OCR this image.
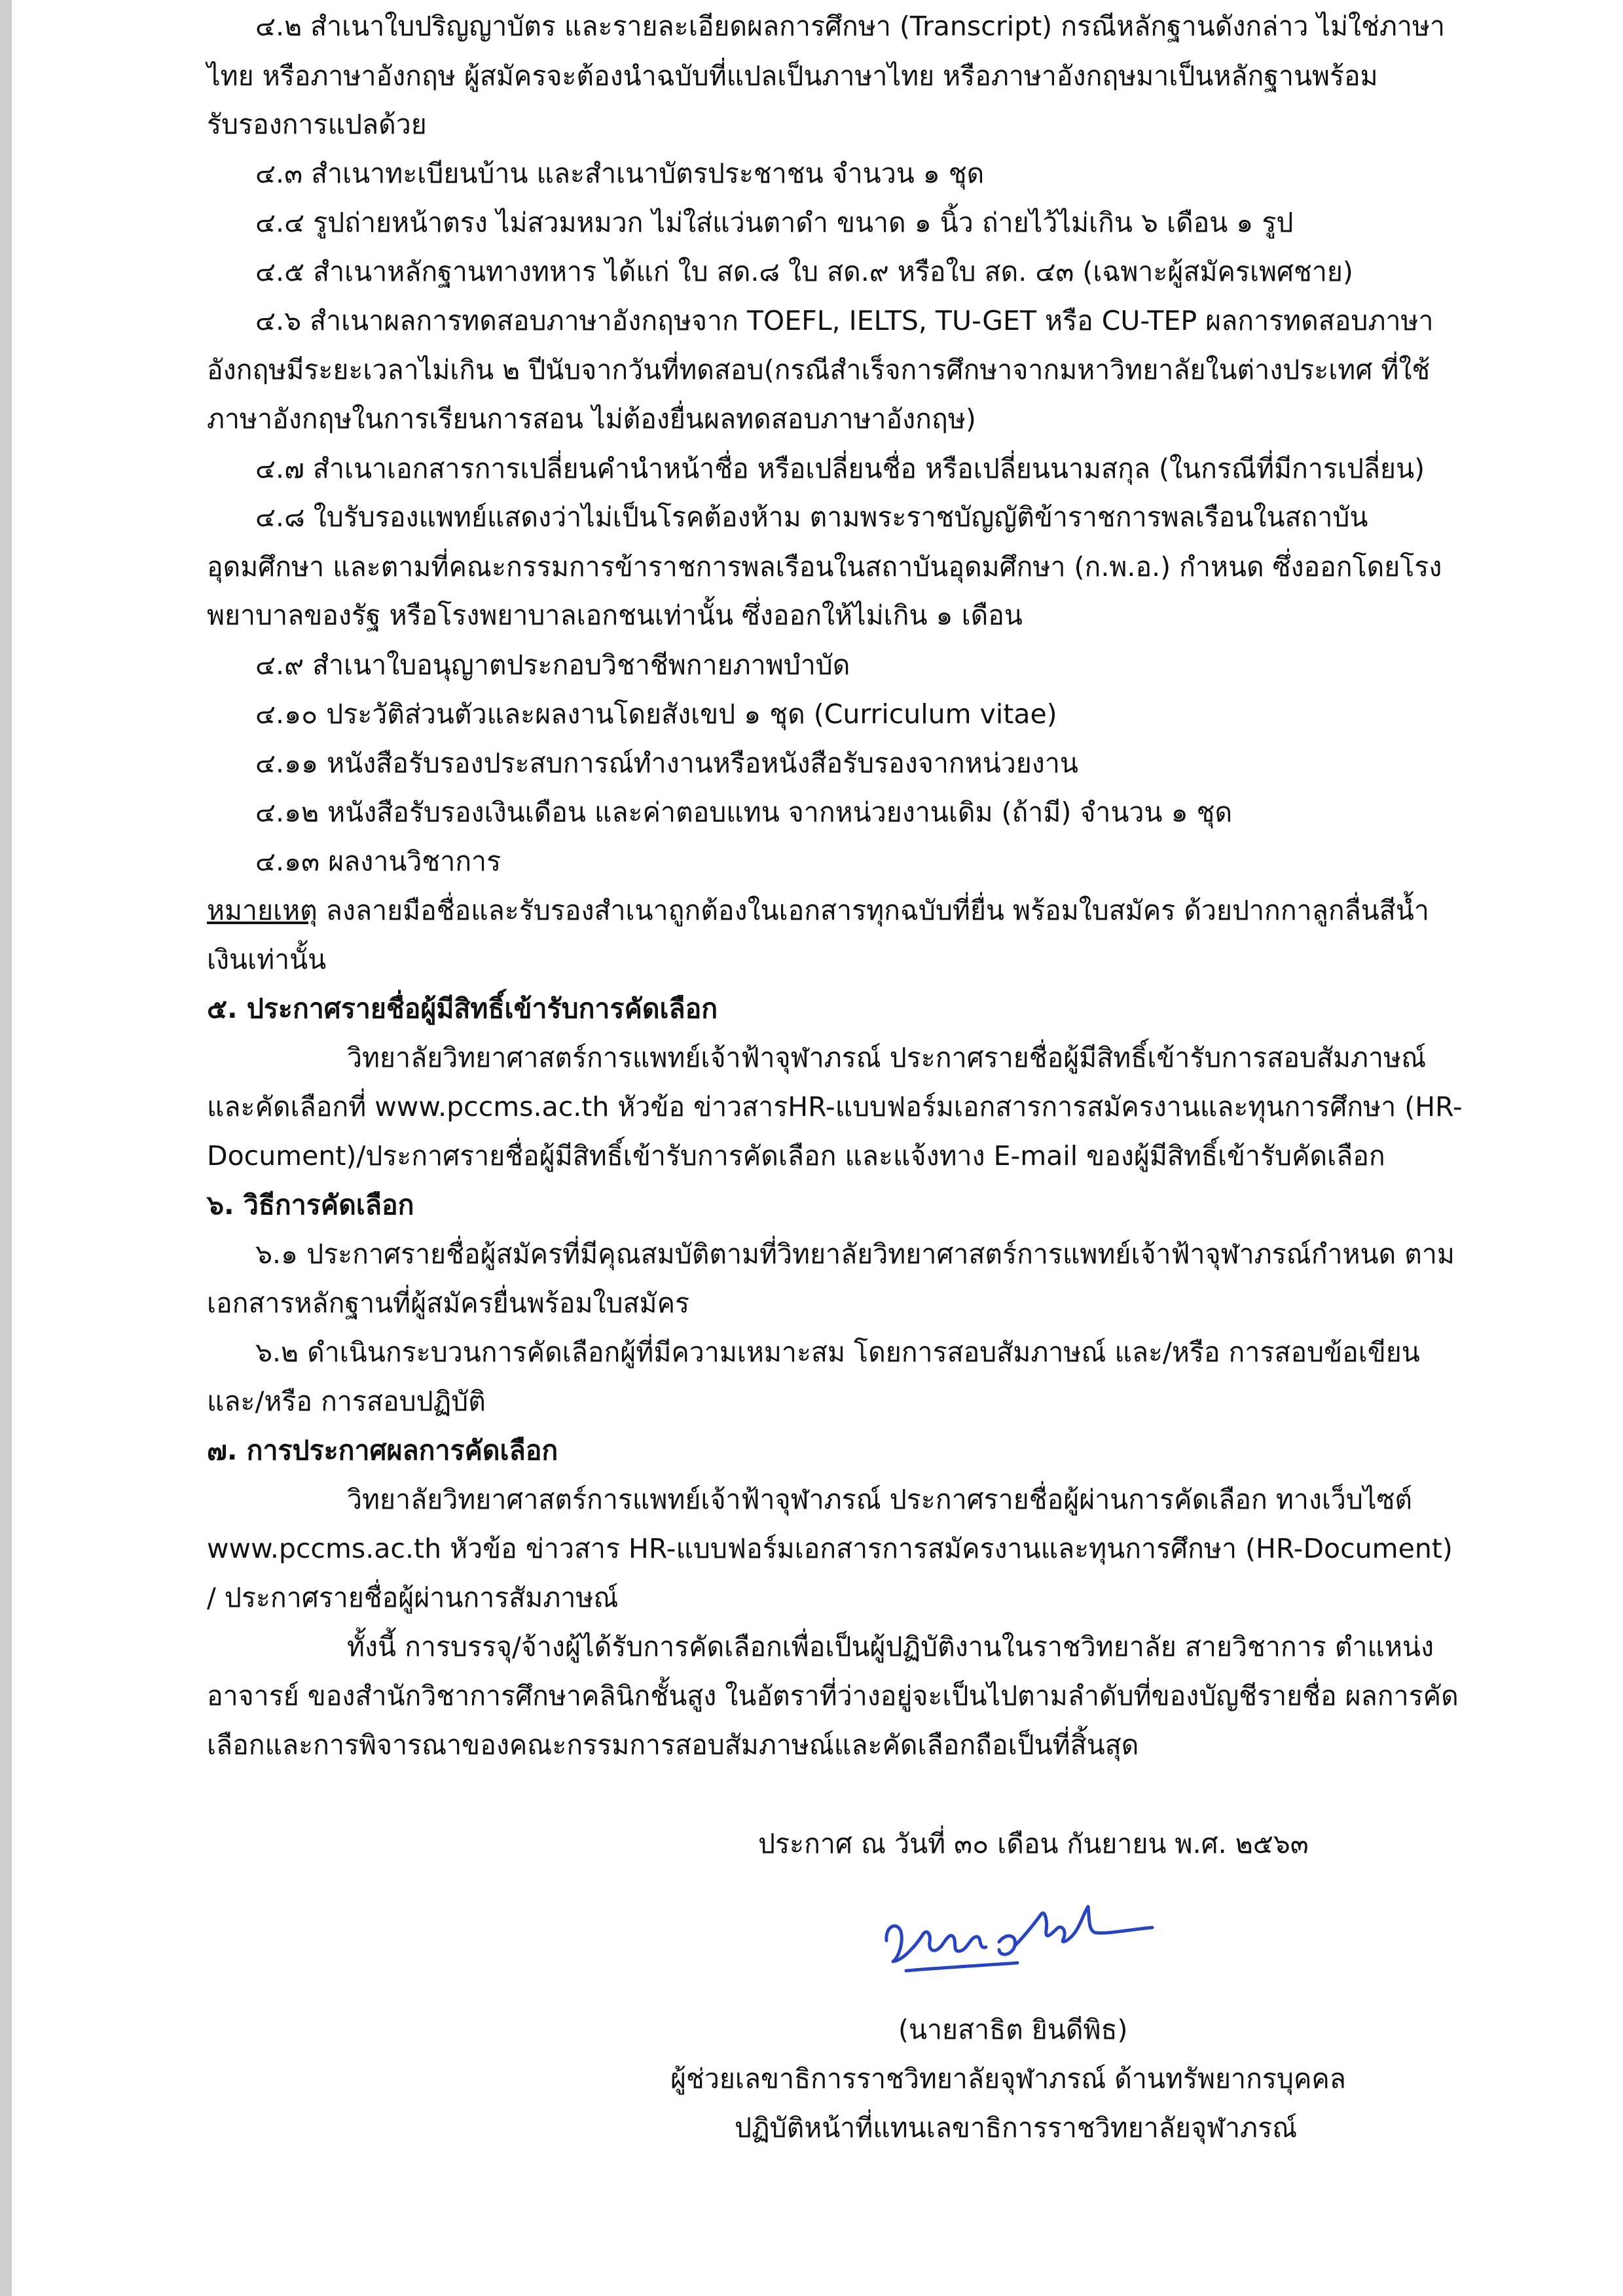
๔.๒ สำเนาใบปริญญาบัตร และรายละเอียดผลการศึกษา (Transcript) กรณีหลักฐานดังกล่าว ไม่ใช่ภาษา
ไทย หรือภาษาอังกฤษ ผู้สมัครจะต้องนำฉบับที่แปลเป็นภาษาไทย หรือภาษาอังกฤษมาเป็นหลักฐานพร้อม
รับรองการแปลด้วย
๔.๓ สำเนาทะเบียนบ้าน และสำเนาบัตรประชาชน จำนวน ๑ ชุด
๔.๔ รูปถ่ายหน้าตรง ไม่สวมหมวก ไม่ใส่แว่นตาดำ ขนาด ๑ นิ้ว ถ่ายไว้ไม่เกิน ๖ เดือน ๑ รูป
๔.๕ สำเนาหลักฐานทางทหาร ได้แก่ ใบ สด.๘ ใบ สด.๙ หรือใบ สด. ๔๓ (เฉพาะผู้สมัครเพศชาย)
๔.๖ สำเนาผลการทดสอบภาษาอังกฤษจาก TOEFL, IELTS, TU-GET หรือ CU-TEP ผลการทดสอบภาษา
อังกฤษมีระยะเวลาไม่เกิน ๒ ปีนับจากวันที่ทดสอบ(กรณีสำเร็จการศึกษาจากมหาวิทยาลัยในต่างประเทศ ที่ใช้
ภาษาอังกฤษในการเรียนการสอน ไม่ต้องยื่นผลทดสอบภาษาอังกฤษ)
๔.๗ สำเนาเอกสารการเปลี่ยนคำนำหน้าชื่อ หรือเปลี่ยนชื่อ หรือเปลี่ยนนามสกุล (ในกรณีที่มีการเปลี่ยน)
๔.๘ ใบรับรองแพทย์แสดงว่าไม่เป็นโรคต้องห้าม ตามพระราชบัญญัติข้าราชการพลเรือนในสถาบัน
อุดมศึกษา และตามที่คณะกรรมการข้าราชการพลเรือนในสถาบันอุดมศึกษา (ก.พ.อ.) กำหนด ซึ่งออกโดยโรง
พยาบาลของรัฐ หรือโรงพยาบาลเอกชนเท่านั้น ซึ่งออกให้ไม่เกิน ๑ เดือน
๔.๙ สำเนาใบอนุญาตประกอบวิชาชีพกายภาพบำบัด
๔.๑๐ ประวัติส่วนตัวและผลงานโดยสังเขป ๑ ชุด (Curriculum vitae)
๔.๑๑ หนังสือรับรองประสบการณ์ทำงานหรือหนังสือรับรองจากหน่วยงาน
๔.๑๒ หนังสือรับรองเงินเดือน และค่าตอบแทน จากหน่วยงานเดิม (ถ้ามี) จำนวน ๑ ชุด
๔.๑๓ ผลงานวิชาการ
หมายเหตุ ลงลายมือชื่อและรับรองสำเนาถูกต้องในเอกสารทุกฉบับที่ยื่น พร้อมใบสมัคร ด้วยปากกาลูกลื่นสีน้ำ
เงินเท่านั้น
๕. ประกาศรายชื่อผู้มีสิทธิ์เข้ารับการคัดเลือก
วิทยาลัยวิทยาศาสตร์การแพทย์เจ้าฟ้าจุฬาภรณ์ ประกาศรายชื่อผู้มีสิทธิ์เข้ารับการสอบสัมภาษณ์
และคัดเลือกที่ www.pccms.ac.th หัวข้อ ข่าวสารHR-แบบฟอร์มเอกสารการสมัครงานและทุนการศึกษา (HR-
Document)/ประกาศรายชื่อผู้มีสิทธิ์เข้ารับการคัดเลือก และแจ้งทาง E-mail ของผู้มีสิทธิ์เข้ารับคัดเลือก
๖. วิธีการคัดเลือก
๖.๑ ประกาศรายชื่อผู้สมัครที่มีคุณสมบัติตามที่วิทยาลัยวิทยาศาสตร์การแพทย์เจ้าฟ้าจุฬาภรณ์กำหนด ตาม
เอกสารหลักฐานที่ผู้สมัครยื่นพร้อมใบสมัคร
๖.๒ ดำเนินกระบวนการคัดเลือกผู้ที่มีความเหมาะสม โดยการสอบสัมภาษณ์ และ/หรือ การสอบข้อเขียน
และ/หรือ การสอบปฏิบัติ
๗. การประกาศผลการคัดเลือก
วิทยาลัยวิทยาศาสตร์การแพทย์เจ้าฟ้าจุฬาภรณ์ ประกาศรายชื่อผู้ผ่านการคัดเลือก ทางเว็บไซต์
www.pccms.ac.th หัวข้อ ข่าวสาร HR-แบบฟอร์มเอกสารการสมัครงานและทุนการศึกษา (HR-Document)
/ ประกาศรายชื่อผู้ผ่านการสัมภาษณ์
ทั้งนี้ การบรรจุ/จ้างผู้ได้รับการคัดเลือกเพื่อเป็นผู้ปฏิบัติงานในราชวิทยาลัย สายวิชาการ ตำแหน่ง
อาจารย์ ของสำนักวิชาการศึกษาคลินิกชั้นสูง ในอัตราที่ว่างอยู่จะเป็นไปตามลำดับที่ของบัญชีรายชื่อ ผลการคัด
เลือกและการพิจารณาของคณะกรรมการสอบสัมภาษณ์และคัดเลือกถือเป็นที่สิ้นสุด
ประกาศ ณ วันที่ ๓๐ เดือน กันยายน พ.ศ. ๒๕๖๓
(นายสาธิต ยินดีพิธ)
ผู้ช่วยเลขาธิการราชวิทยาลัยจุฬาภรณ์ ด้านทรัพยากรบุคคล
ปฏิบัติหน้าที่แทนเลขาธิการราชวิทยาลัยจุฬาภรณ์
